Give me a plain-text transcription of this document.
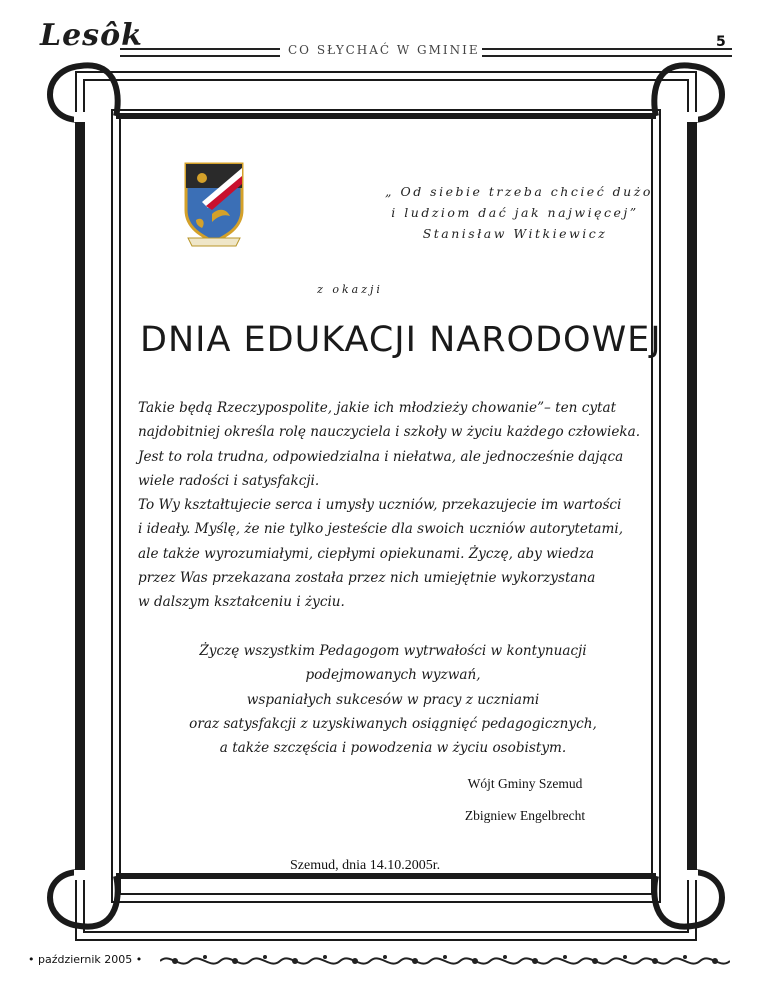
Lesôk	CO SŁYCHAĆ W GMINIE	5
„ Od siebie trzeba chcieć dużo
i ludziom dać jak najwięcej”
Stanisław Witkiewicz
z okazji
DNIA EDUKACJI NARODOWEJ
Takie będą Rzeczypospolite, jakie ich młodzieży chowanie”– ten cytat
najdobitniej określa rolę nauczyciela i szkoły w życiu każdego człowieka.
Jest to rola trudna, odpowiedzialna i niełatwa, ale jednocześnie dająca
wiele radości i satysfakcji.
To Wy kształtujecie serca i umysły uczniów, przekazujecie im wartości
i ideały. Myślę, że nie tylko jesteście dla swoich uczniów autorytetami,
ale także wyrozumiałymi, ciepłymi opiekunami. Życzę, aby wiedza
przez Was przekazana została przez nich umiejętnie wykorzystana
w dalszym kształceniu i życiu.
Życzę wszystkim Pedagogom wytrwałości w kontynuacji
podejmowanych wyzwań,
wspaniałych sukcesów w pracy z uczniami
oraz satysfakcji z uzyskiwanych osiągnięć pedagogicznych,
a także szczęścia i powodzenia w życiu osobistym.
Wójt Gminy Szemud
Zbigniew Engelbrecht
Szemud, dnia 14.10.2005r.
• październik 2005 •
